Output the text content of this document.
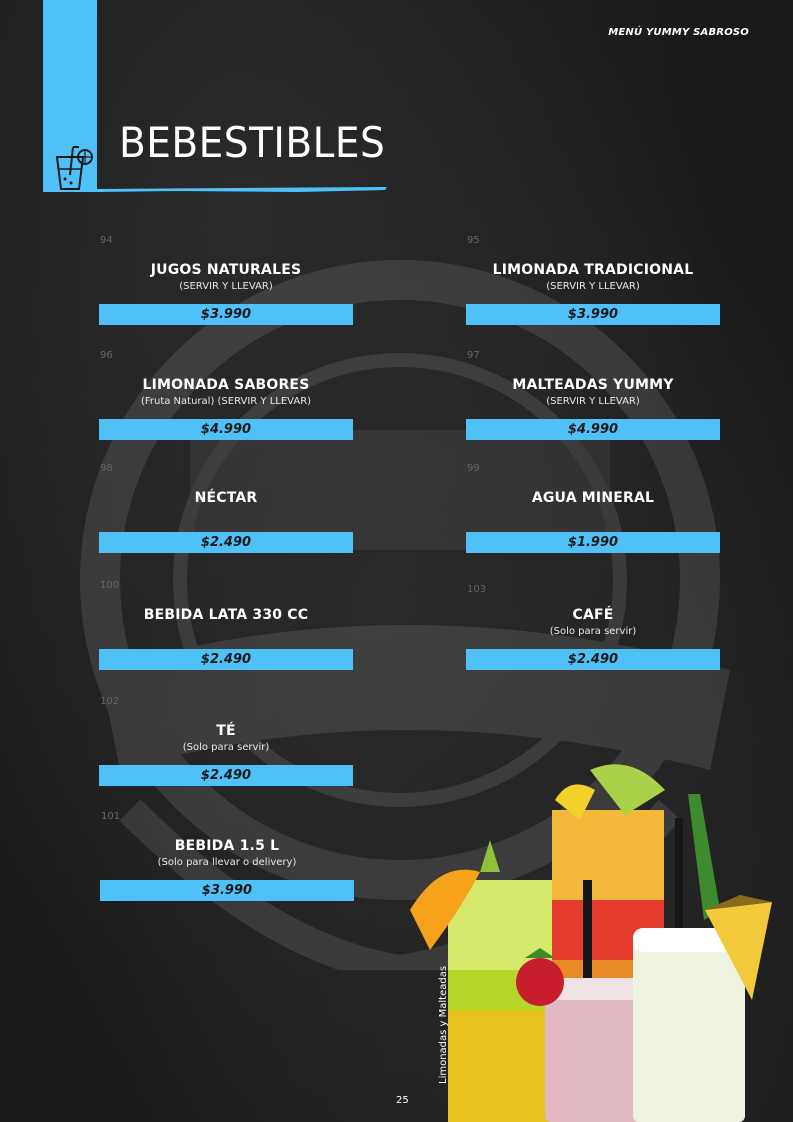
MENÚ YUMMY SABROSO
BEBESTIBLES
94
JUGOS NATURALES
(SERVIR Y LLEVAR)
$3.990
95
LIMONADA TRADICIONAL
(SERVIR Y LLEVAR)
$3.990
96
LIMONADA SABORES
(Fruta Natural) (SERVIR Y LLEVAR)
$4.990
97
MALTEADAS YUMMY
(SERVIR Y LLEVAR)
$4.990
98
NÉCTAR
$2.490
99
AGUA MINERAL
$1.990
100
BEBIDA LATA 330 CC
$2.490
103
CAFÉ
(Solo para servir)
$2.490
102
TÉ
(Solo para servir)
$2.490
101
BEBIDA 1.5 L
(Solo para llevar o delivery)
$3.990
Limonadas y Malteadas
25
